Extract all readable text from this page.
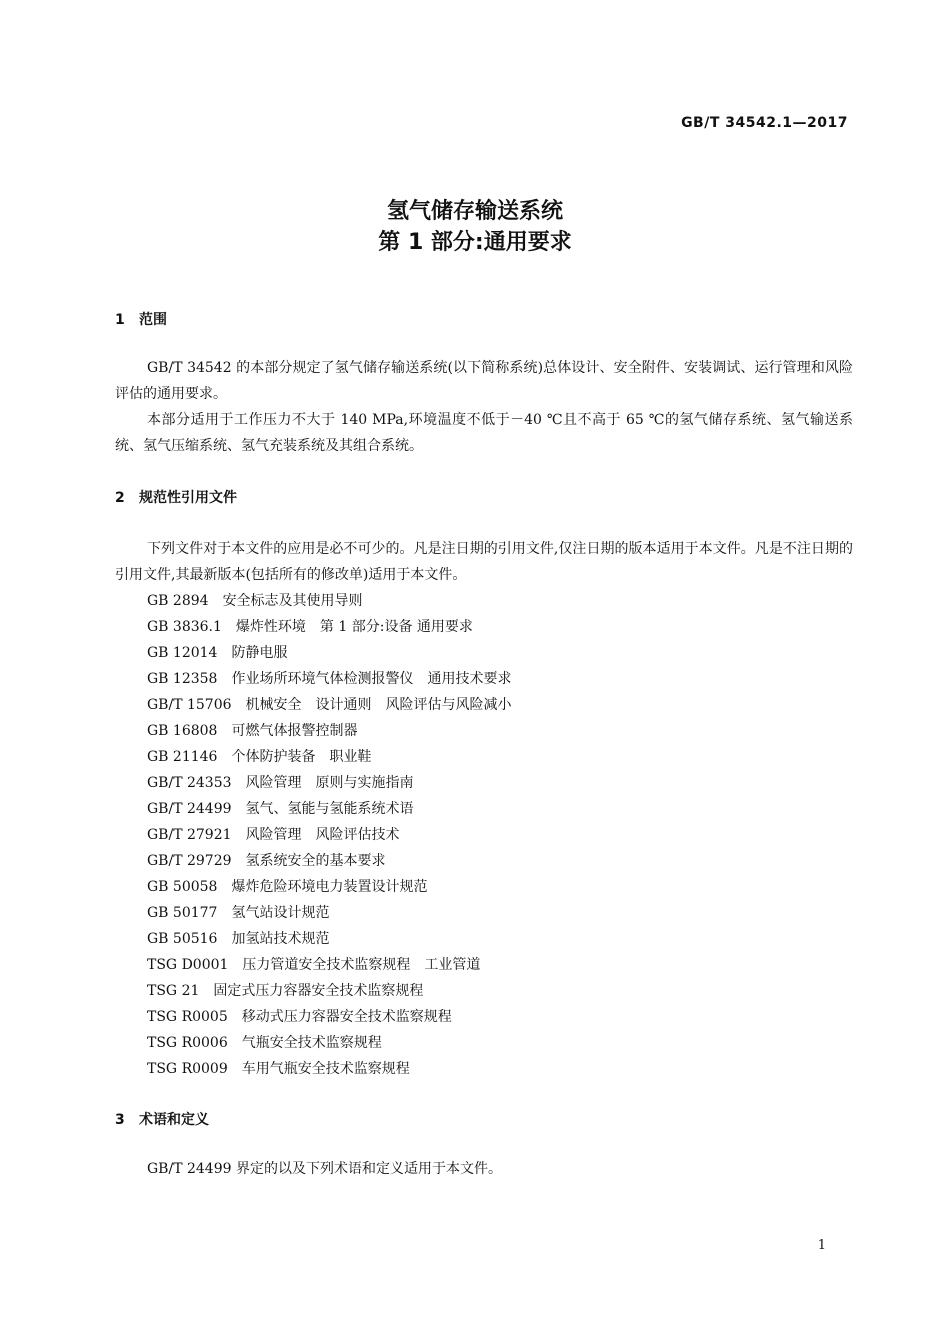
GB/T 34542.1—2017
氢气储存输送系统
第 1 部分:通用要求
1 范围

GB/T 34542 的本部分规定了氢气储存输送系统(以下简称系统)总体设计、安全附件、安装调试、运行管理和风险评估的通用要求。

本部分适用于工作压力不大于 140 MPa,环境温度不低于－40 ℃且不高于 65 ℃的氢气储存系统、氢气输送系统、氢气压缩系统、氢气充装系统及其组合系统。

2 规范性引用文件

下列文件对于本文件的应用是必不可少的。凡是注日期的引用文件,仅注日期的版本适用于本文件。凡是不注日期的引用文件,其最新版本(包括所有的修改单)适用于本文件。

GB 2894 安全标志及其使用导则
GB 3836.1 爆炸性环境　第 1 部分:设备 通用要求
GB 12014 防静电服
GB 12358 作业场所环境气体检测报警仪　通用技术要求
GB/T 15706 机械安全　设计通则　风险评估与风险减小
GB 16808 可燃气体报警控制器
GB 21146 个体防护装备　职业鞋
GB/T 24353 风险管理　原则与实施指南
GB/T 24499 氢气、氢能与氢能系统术语
GB/T 27921 风险管理　风险评估技术
GB/T 29729 氢系统安全的基本要求
GB 50058 爆炸危险环境电力装置设计规范
GB 50177 氢气站设计规范
GB 50516 加氢站技术规范
TSG D0001 压力管道安全技术监察规程　工业管道
TSG 21 固定式压力容器安全技术监察规程
TSG R0005 移动式压力容器安全技术监察规程
TSG R0006 气瓶安全技术监察规程
TSG R0009 车用气瓶安全技术监察规程
3 术语和定义

GB/T 24499 界定的以及下列术语和定义适用于本文件。

1
